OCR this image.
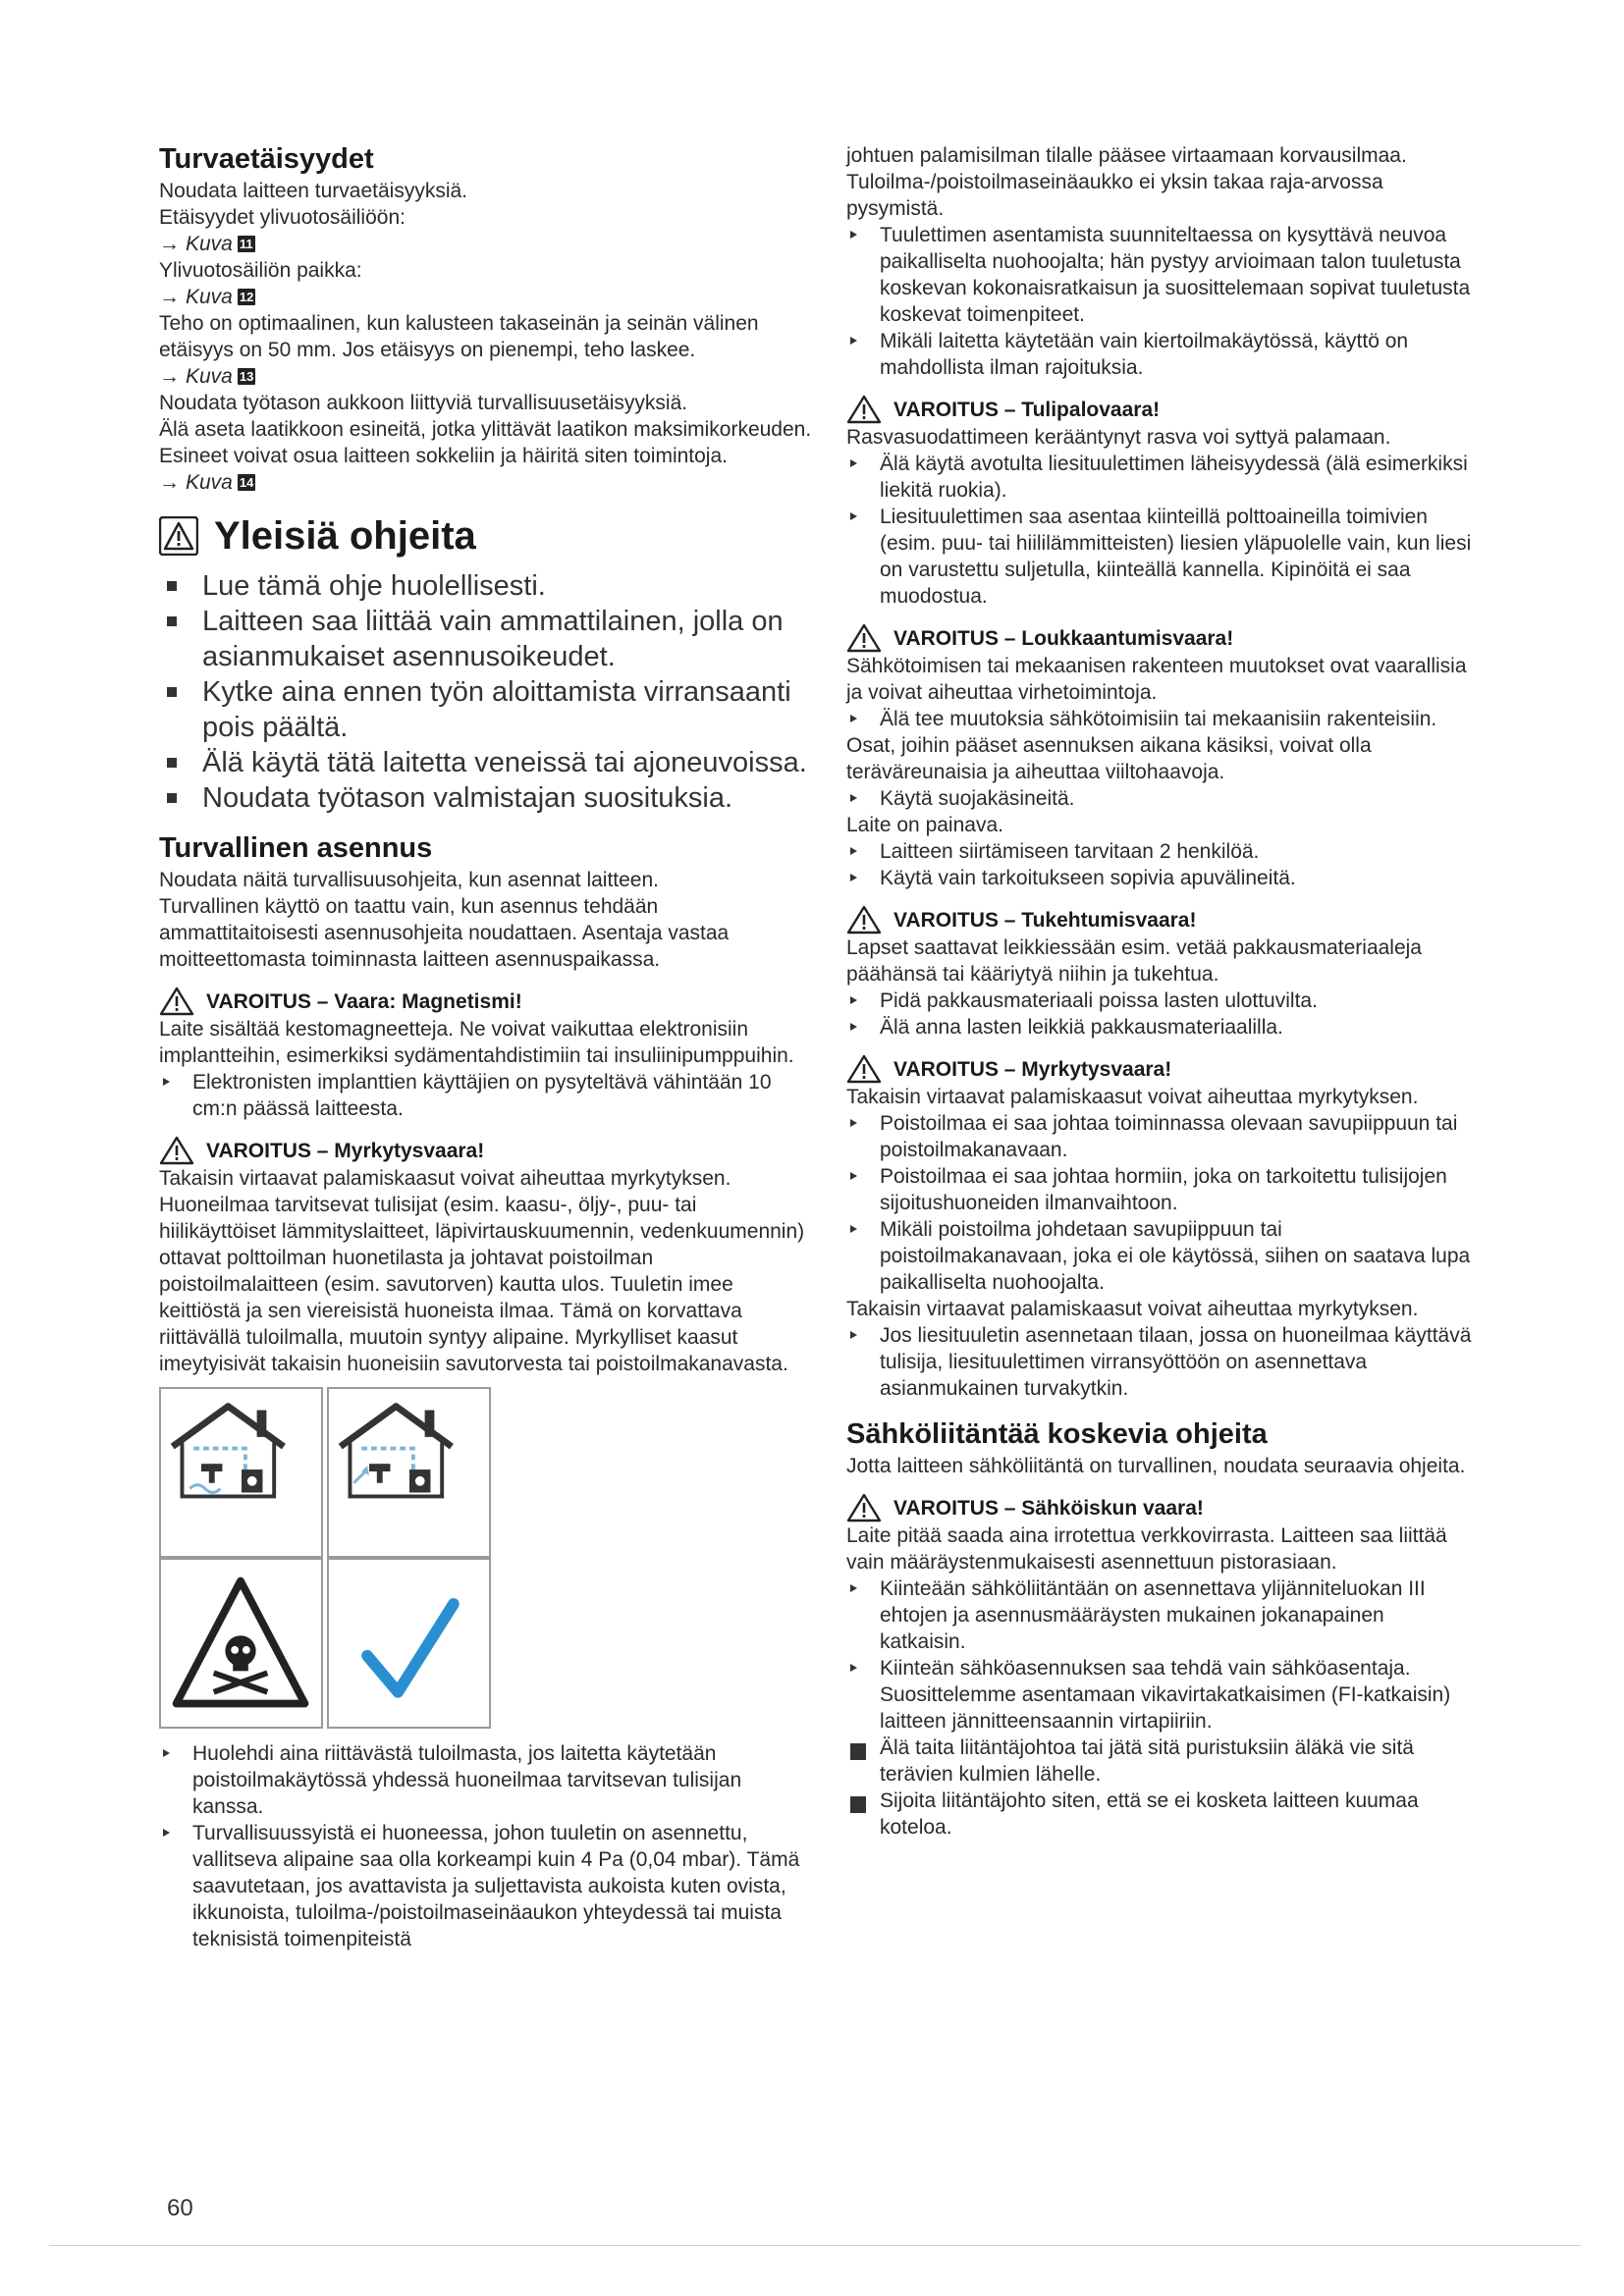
Turvaetäisyydet

Noudata laitteen turvaetäisyyksiä.

Etäisyydet ylivuotosäiliöön:

→ Kuva 11

Ylivuotosäiliön paikka:

→ Kuva 12

Teho on optimaalinen, kun kalusteen takaseinän ja seinän välinen etäisyys on 50 mm. Jos etäisyys on pienempi, teho laskee.

→ Kuva 13

Noudata työtason aukkoon liittyviä turvallisuusetäisyyksiä.

Älä aseta laatikkoon esineitä, jotka ylittävät laatikon maksimikorkeuden. Esineet voivat osua laitteen sokkeliin ja häiritä siten toimintoja.

→ Kuva 14
Yleisiä ohjeita
Lue tämä ohje huolellisesti.
Laitteen saa liittää vain ammattilainen, jolla on asianmukaiset asennusoikeudet.
Kytke aina ennen työn aloittamista virransaanti pois päältä.
Älä käytä tätä laitetta veneissä tai ajoneuvoissa.
Noudata työtason valmistajan suosituksia.
Turvallinen asennus

Noudata näitä turvallisuusohjeita, kun asennat laitteen.

Turvallinen käyttö on taattu vain, kun asennus tehdään ammattitaitoisesti asennusohjeita noudattaen. Asentaja vastaa moitteettomasta toiminnasta laitteen asennuspaikassa.

VAROITUS – Vaara: Magnetismi!

Laite sisältää kestomagneetteja. Ne voivat vaikuttaa elektronisiin implantteihin, esimerkiksi sydämentahdistimiin tai insuliinipumppuihin.

Elektronisten implanttien käyttäjien on pysyteltävä vähintään 10 cm:n päässä laitteesta.
VAROITUS – Myrkytysvaara!

Takaisin virtaavat palamiskaasut voivat aiheuttaa myrkytyksen. Huoneilmaa tarvitsevat tulisijat (esim. kaasu-, öljy-, puu- tai hiilikäyttöiset lämmityslaitteet, läpivirtauskuumennin, vedenkuumennin) ottavat polttoilman huonetilasta ja johtavat poistoilman poistoilmalaitteen (esim. savutorven) kautta ulos. Tuuletin imee keittiöstä ja sen viereisistä huoneista ilmaa. Tämä on korvattava riittävällä tuloilmalla, muutoin syntyy alipaine. Myrkylliset kaasut imeytyisivät takaisin huoneisiin savutorvesta tai poistoilmakanavasta.

Huolehdi aina riittävästä tuloilmasta, jos laitetta käytetään poistoilmakäytössä yhdessä huoneilmaa tarvitsevan tulisijan kanssa.
Turvallisuussyistä ei huoneessa, johon tuuletin on asennettu, vallitseva alipaine saa olla korkeampi kuin 4 Pa (0,04 mbar). Tämä saavutetaan, jos avattavista ja suljettavista aukoista kuten ovista, ikkunoista, tuloilma-/poistoilmaseinäaukon yhteydessä tai muista teknisistä toimenpiteistä

johtuen palamisilman tilalle pääsee virtaamaan korvausilmaa. Tuloilma-/poistoilmaseinäaukko ei yksin takaa raja-arvossa pysymistä.

Tuulettimen asentamista suunniteltaessa on kysyttävä neuvoa paikalliselta nuohoojalta; hän pystyy arvioimaan talon tuuletusta koskevan kokonaisratkaisun ja suosittelemaan sopivat tuuletusta koskevat toimenpiteet.
Mikäli laitetta käytetään vain kiertoilmakäytössä, käyttö on mahdollista ilman rajoituksia.
VAROITUS – Tulipalovaara!

Rasvasuodattimeen kerääntynyt rasva voi syttyä palamaan.

Älä käytä avotulta liesituulettimen läheisyydessä (älä esimerkiksi liekitä ruokia).
Liesituulettimen saa asentaa kiinteillä polttoaineilla toimivien (esim. puu- tai hiililämmitteisten) liesien yläpuolelle vain, kun liesi on varustettu suljetulla, kiinteällä kannella. Kipinöitä ei saa muodostua.
VAROITUS – Loukkaantumisvaara!

Sähkötoimisen tai mekaanisen rakenteen muutokset ovat vaarallisia ja voivat aiheuttaa virhetoimintoja.

Älä tee muutoksia sähkötoimisiin tai mekaanisiin rakenteisiin.

Osat, joihin pääset asennuksen aikana käsiksi, voivat olla teräväreunaisia ja aiheuttaa viiltohaavoja.

Käytä suojakäsineitä.

Laite on painava.

Laitteen siirtämiseen tarvitaan 2 henkilöä.
Käytä vain tarkoitukseen sopivia apuvälineitä.
VAROITUS – Tukehtumisvaara!

Lapset saattavat leikkiessään esim. vetää pakkausmateriaaleja päähänsä tai kääriytyä niihin ja tukehtua.

Pidä pakkausmateriaali poissa lasten ulottuvilta.
Älä anna lasten leikkiä pakkausmateriaalilla.
VAROITUS – Myrkytysvaara!

Takaisin virtaavat palamiskaasut voivat aiheuttaa myrkytyksen.

Poistoilmaa ei saa johtaa toiminnassa olevaan savupiippuun tai poistoilmakanavaan.
Poistoilmaa ei saa johtaa hormiin, joka on tarkoitettu tulisijojen sijoitushuoneiden ilmanvaihtoon.
Mikäli poistoilma johdetaan savupiippuun tai poistoilmakanavaan, joka ei ole käytössä, siihen on saatava lupa paikalliselta nuohoojalta.

Takaisin virtaavat palamiskaasut voivat aiheuttaa myrkytyksen.

Jos liesituuletin asennetaan tilaan, jossa on huoneilmaa käyttävä tulisija, liesituulettimen virransyöttöön on asennettava asianmukainen turvakytkin.
Sähköliitäntää koskevia ohjeita

Jotta laitteen sähköliitäntä on turvallinen, noudata seuraavia ohjeita.

VAROITUS – Sähköiskun vaara!

Laite pitää saada aina irrotettua verkkovirrasta. Laitteen saa liittää vain määräystenmukaisesti asennettuun pistorasiaan.

Kiinteään sähköliitäntään on asennettava ylijänniteluokan III ehtojen ja asennusmääräysten mukainen jokanapainen katkaisin.
Kiinteän sähköasennuksen saa tehdä vain sähköasentaja. Suosittelemme asentamaan vikavirtakatkaisimen (FI-katkaisin) laitteen jännitteensaannin virtapiiriin.
Älä taita liitäntäjohtoa tai jätä sitä puristuksiin äläkä vie sitä terävien kulmien lähelle.
Sijoita liitäntäjohto siten, että se ei kosketa laitteen kuumaa koteloa.
60
